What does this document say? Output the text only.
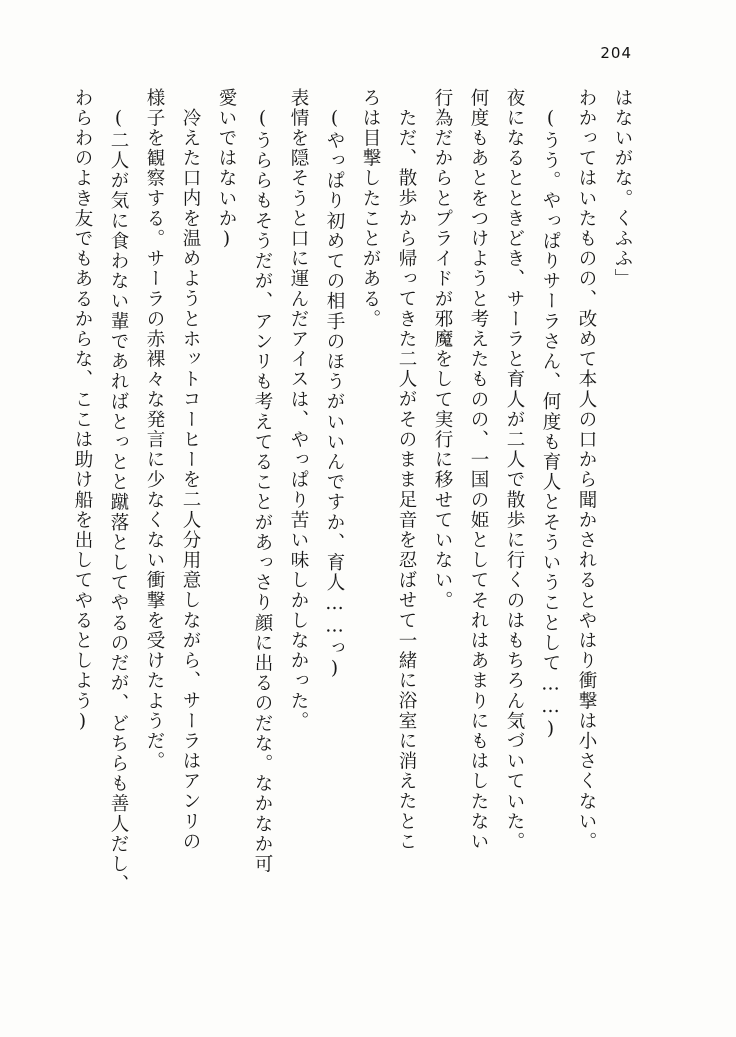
204
はないがな。くふふ」
わかってはいたものの、改めて本人の口から聞かされるとやはり衝撃は小さくない。
(うう。やっぱりサーラさん、何度も育人とそういうことして……)
夜になるとときどき、サーラと育人が二人で散歩に行くのはもちろん気づいていた。
何度もあとをつけようと考えたものの、一国の姫としてそれはあまりにもはしたない
行為だからとプライドが邪魔をして実行に移せていない。
ただ、散歩から帰ってきた二人がそのまま足音を忍ばせて一緒に浴室に消えたとこ
ろは目撃したことがある。
(やっぱり初めての相手のほうがいいんですか、育人……っ)
表情を隠そうと口に運んだアイスは、やっぱり苦い味しかしなかった。
(うららもそうだが、アンリも考えてることがあっさり顔に出るのだな。なかなか可
愛いではないか)
冷えた口内を温めようとホットコーヒーを二人分用意しながら、サーラはアンリの
様子を観察する。サーラの赤裸々な発言に少なくない衝撃を受けたようだ。
(二人が気に食わない輩であればとっとと蹴落としてやるのだが、どちらも善人だし、
わらわのよき友でもあるからな、ここは助け船を出してやるとしよう)
